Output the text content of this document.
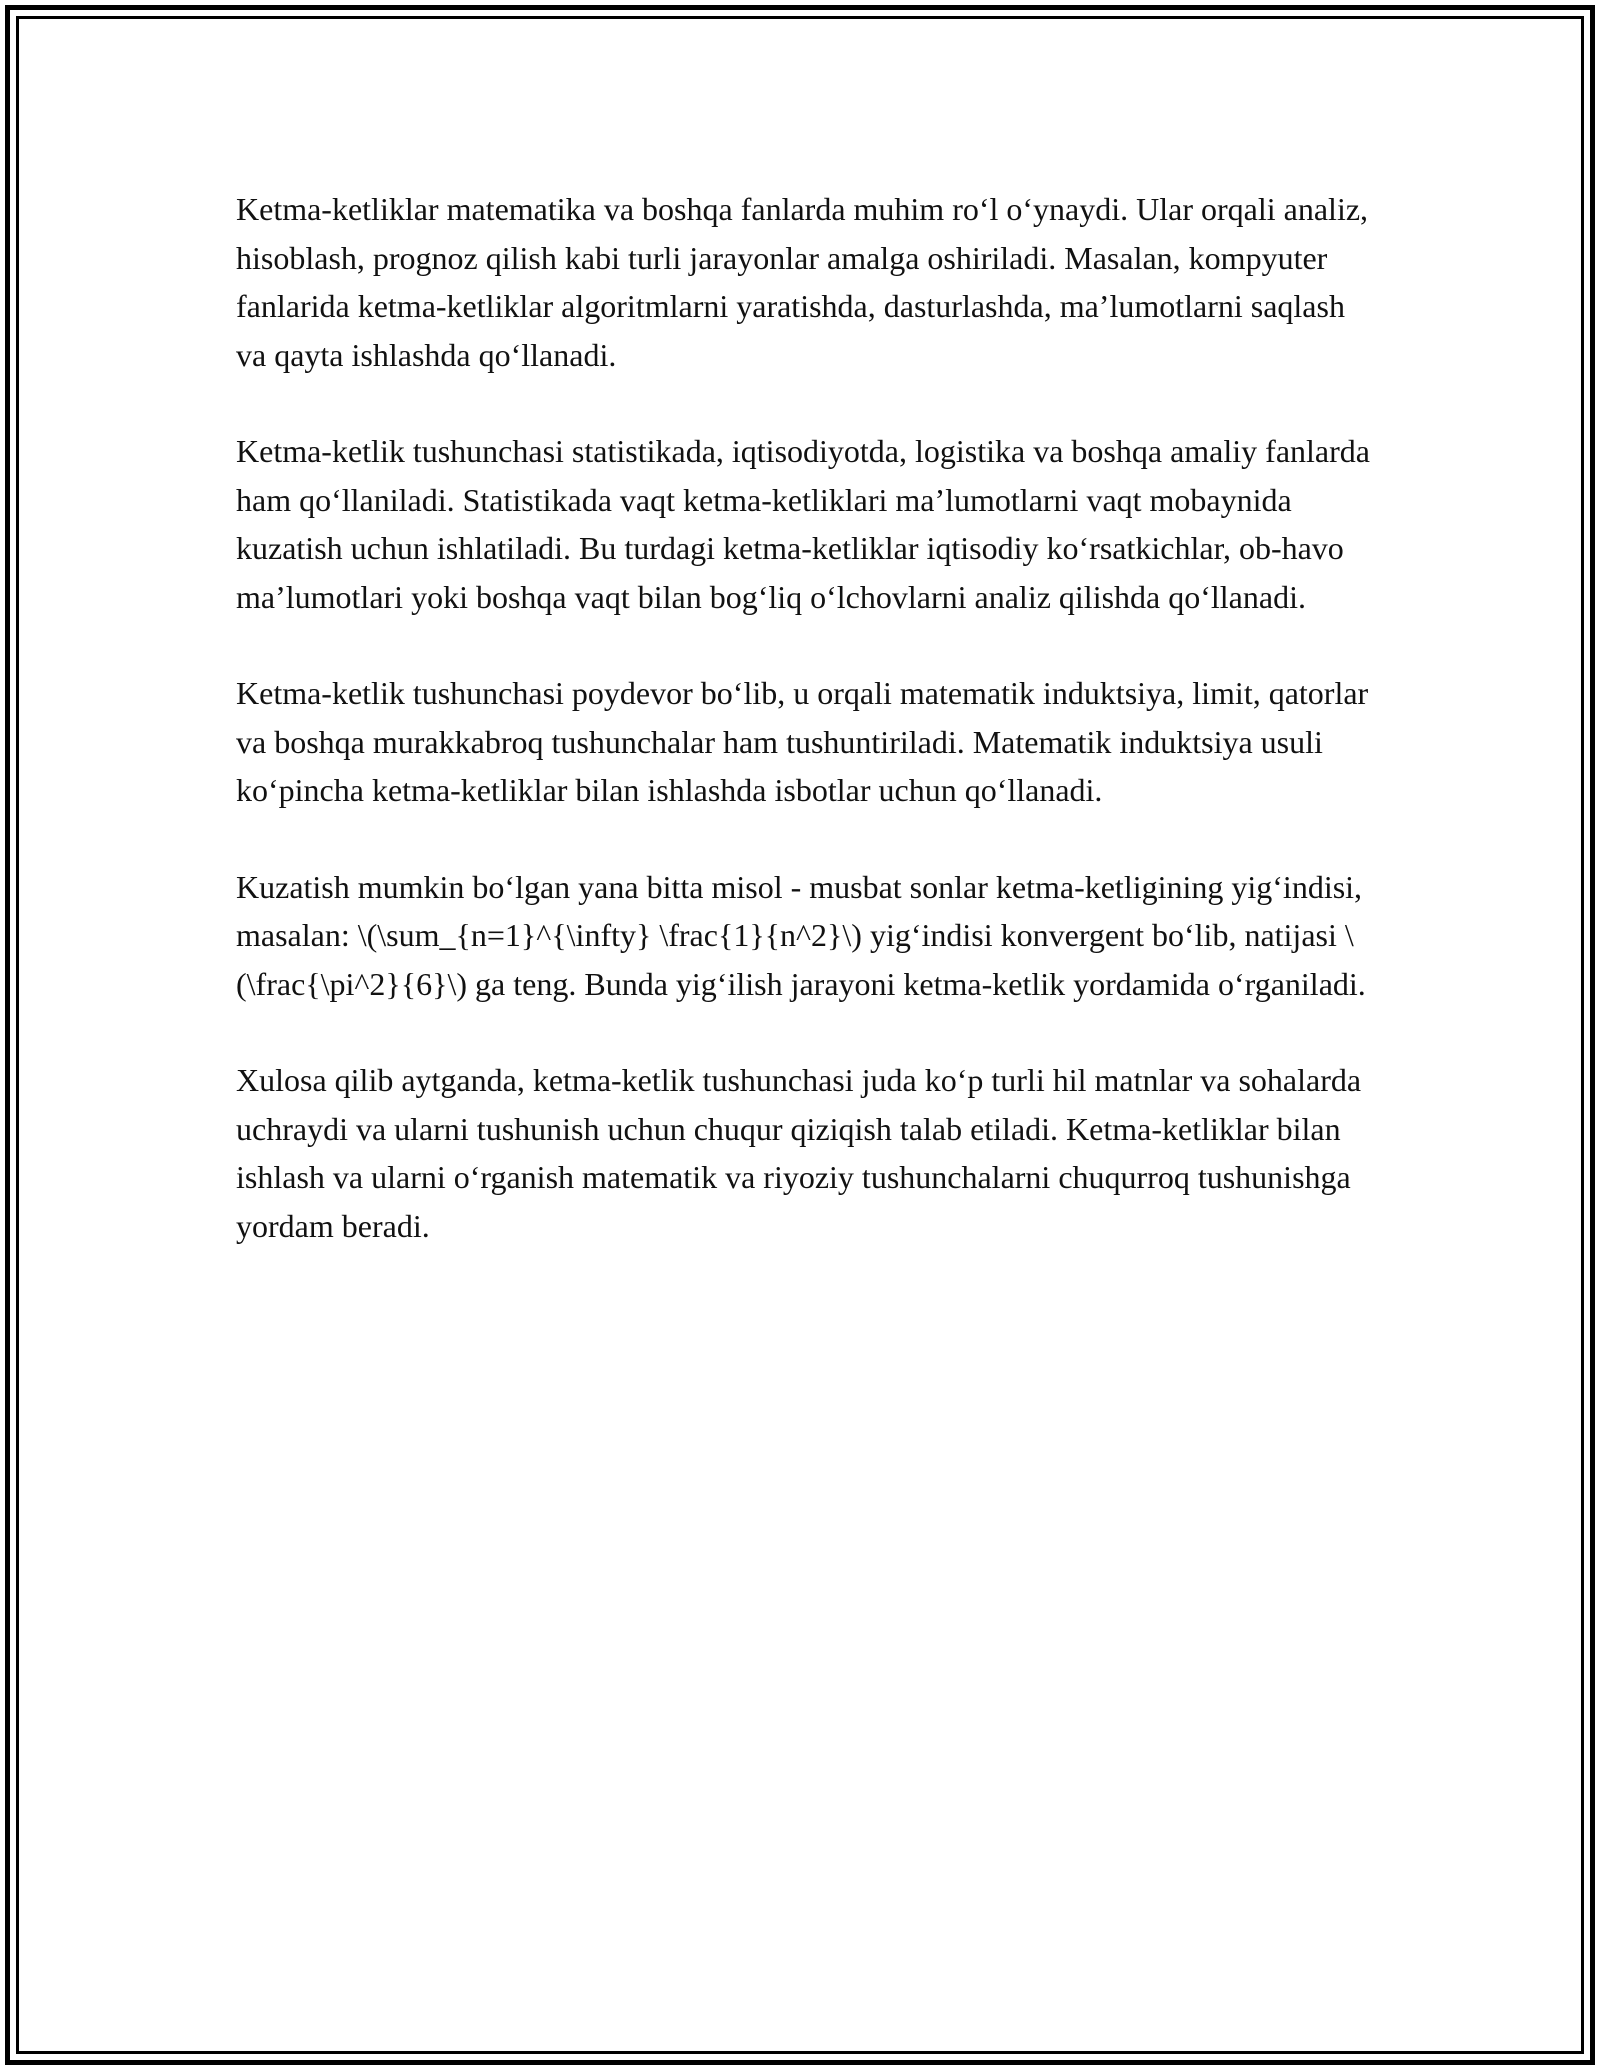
Ketma-ketliklar matematika va boshqa fanlarda muhim ro‘l o‘ynaydi. Ular orqali analiz, hisoblash, prognoz qilish kabi turli jarayonlar amalga oshiriladi. Masalan, kompyuter fanlarida ketma-ketliklar algoritmlarni yaratishda, dasturlashda, ma’lumotlarni saqlash va qayta ishlashda qo‘llanadi.

Ketma-ketlik tushunchasi statistikada, iqtisodiyotda, logistika va boshqa amaliy fanlarda ham qo‘llaniladi. Statistikada vaqt ketma-ketliklari ma’lumotlarni vaqt mobaynida kuzatish uchun ishlatiladi. Bu turdagi ketma-ketliklar iqtisodiy ko‘rsatkichlar, ob-havo ma’lumotlari yoki boshqa vaqt bilan bog‘liq o‘lchovlarni analiz qilishda qo‘llanadi.

Ketma-ketlik tushunchasi poydevor bo‘lib, u orqali matematik induktsiya, limit, qatorlar va boshqa murakkabroq tushunchalar ham tushuntiriladi. Matematik induktsiya usuli ko‘pincha ketma-ketliklar bilan ishlashda isbotlar uchun qo‘llanadi.

Kuzatish mumkin bo‘lgan yana bitta misol - musbat sonlar ketma-ketligining yig‘indisi, masalan: \(\sum_{n=1}^{\infty} \frac{1}{n^2}\) yig‘indisi konvergent bo‘lib, natijasi \(\frac{\pi^2}{6}\) ga teng. Bunda yig‘ilish jarayoni ketma-ketlik yordamida o‘rganiladi.

Xulosa qilib aytganda, ketma-ketlik tushunchasi juda ko‘p turli hil matnlar va sohalarda uchraydi va ularni tushunish uchun chuqur qiziqish talab etiladi. Ketma-ketliklar bilan ishlash va ularni o‘rganish matematik va riyoziy tushunchalarni chuqurroq tushunishga yordam beradi.
